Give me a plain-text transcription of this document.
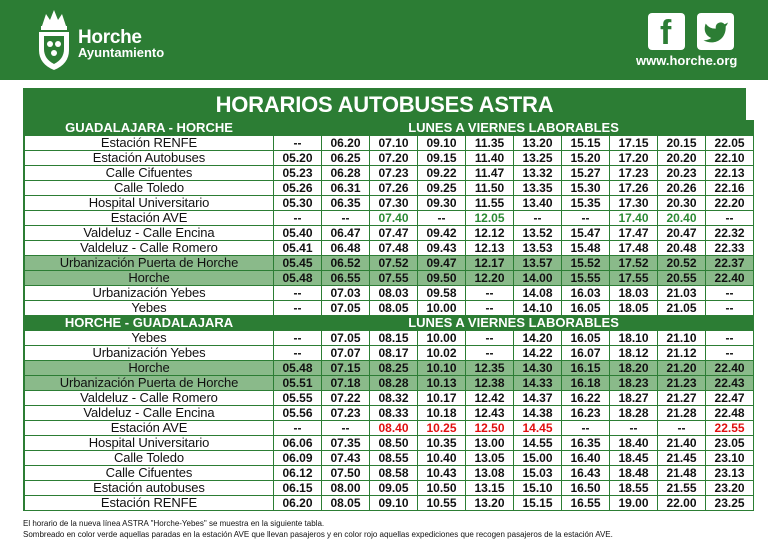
Horche
Ayuntamiento
f
www.horche.org
HORARIOS AUTOBUSES ASTRA
GUADALAJARA - HORCHE	LUNES A VIERNES LABORABLES									
Estación RENFE	--	06.20	07.10	09.10	11.35	13.20	15.15	17.15	20.15	22.05
Estación Autobuses	05.20	06.25	07.20	09.15	11.40	13.25	15.20	17.20	20.20	22.10
Calle Cifuentes	05.23	06.28	07.23	09.22	11.47	13.32	15.27	17.23	20.23	22.13
Calle Toledo	05.26	06.31	07.26	09.25	11.50	13.35	15.30	17.26	20.26	22.16
Hospital Universitario	05.30	06.35	07.30	09.30	11.55	13.40	15.35	17.30	20.30	22.20
Estación AVE	--	--	07.40	--	12.05	--	--	17.40	20.40	--
Valdeluz - Calle Encina	05.40	06.47	07.47	09.42	12.12	13.52	15.47	17.47	20.47	22.32
Valdeluz - Calle Romero	05.41	06.48	07.48	09.43	12.13	13.53	15.48	17.48	20.48	22.33
Urbanización Puerta de Horche	05.45	06.52	07.52	09.47	12.17	13.57	15.52	17.52	20.52	22.37
Horche	05.48	06.55	07.55	09.50	12.20	14.00	15.55	17.55	20.55	22.40
Urbanización Yebes	--	07.03	08.03	09.58	--	14.08	16.03	18.03	21.03	--
Yebes	--	07.05	08.05	10.00	--	14.10	16.05	18.05	21.05	--
HORCHE - GUADALAJARA	LUNES A VIERNES LABORABLES									
Yebes	--	07.05	08.15	10.00	--	14.20	16.05	18.10	21.10	--
Urbanización Yebes	--	07.07	08.17	10.02	--	14.22	16.07	18.12	21.12	--
Horche	05.48	07.15	08.25	10.10	12.35	14.30	16.15	18.20	21.20	22.40
Urbanización Puerta de Horche	05.51	07.18	08.28	10.13	12.38	14.33	16.18	18.23	21.23	22.43
Valdeluz - Calle Romero	05.55	07.22	08.32	10.17	12.42	14.37	16.22	18.27	21.27	22.47
Valdeluz - Calle Encina	05.56	07.23	08.33	10.18	12.43	14.38	16.23	18.28	21.28	22.48
Estación AVE	--	--	08.40	10.25	12.50	14.45	--	--	--	22.55
Hospital Universitario	06.06	07.35	08.50	10.35	13.00	14.55	16.35	18.40	21.40	23.05
Calle Toledo	06.09	07.43	08.55	10.40	13.05	15.00	16.40	18.45	21.45	23.10
Calle Cifuentes	06.12	07.50	08.58	10.43	13.08	15.03	16.43	18.48	21.48	23.13
Estación autobuses	06.15	08.00	09.05	10.50	13.15	15.10	16.50	18.55	21.55	23.20
Estación RENFE	06.20	08.05	09.10	10.55	13.20	15.15	16.55	19.00	22.00	23.25
El horario de la nueva línea ASTRA "Horche-Yebes" se muestra en la siguiente tabla.
Sombreado en color verde aquellas paradas en la estación AVE que llevan pasajeros y en color rojo aquellas expediciones que recogen pasajeros de la estación AVE.
